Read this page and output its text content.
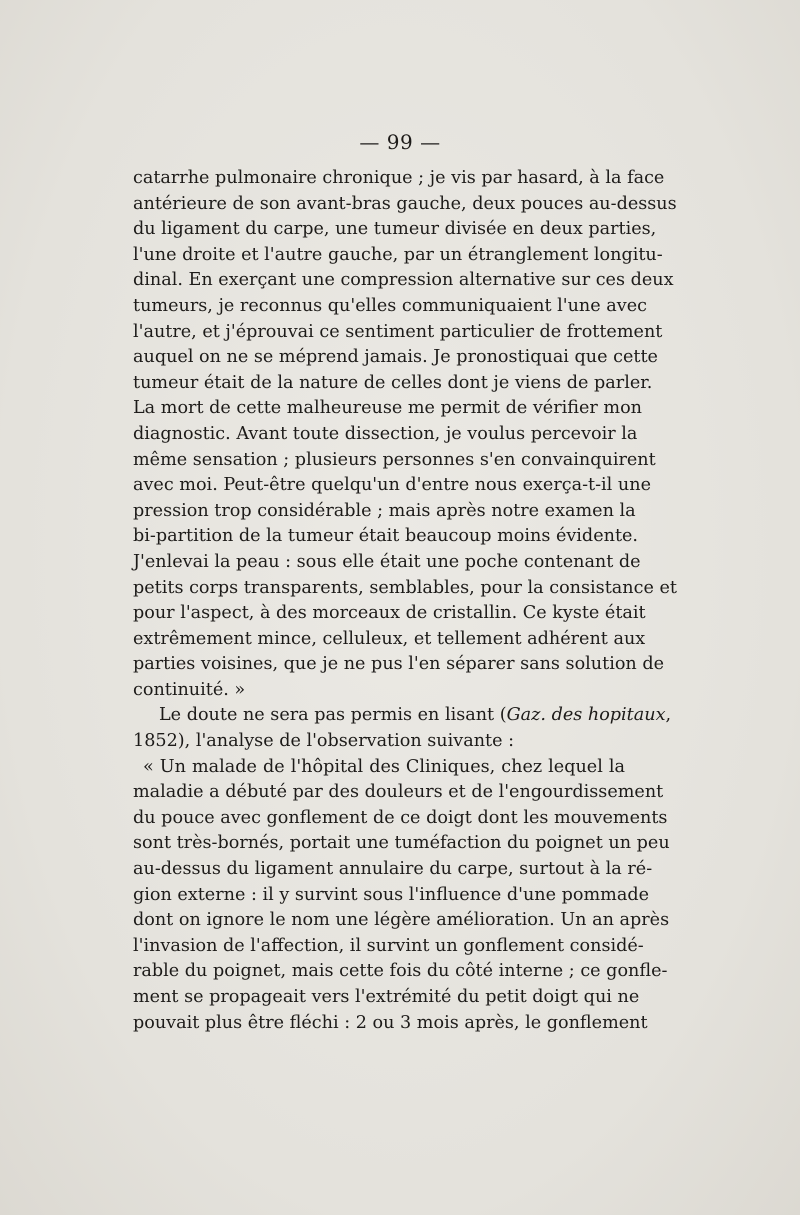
— 99 —
catarrhe pulmonaire chronique ; je vis par hasard, à la face
antérieure de son avant-bras gauche, deux pouces au-dessus
du ligament du carpe, une tumeur divisée en deux parties,
l'une droite et l'autre gauche, par un étranglement longitu-
dinal. En exerçant une compression alternative sur ces deux
tumeurs, je reconnus qu'elles communiquaient l'une avec
l'autre, et j'éprouvai ce sentiment particulier de frottement
auquel on ne se méprend jamais. Je pronostiquai que cette
tumeur était de la nature de celles dont je viens de parler.
La mort de cette malheureuse me permit de vérifier mon
diagnostic. Avant toute dissection, je voulus percevoir la
même sensation ; plusieurs personnes s'en convainquirent
avec moi. Peut-être quelqu'un d'entre nous exerça-t-il une
pression trop considérable ; mais après notre examen la
bi-partition de la tumeur était beaucoup moins évidente.
J'enlevai la peau : sous elle était une poche contenant de
petits corps transparents, semblables, pour la consistance et
pour l'aspect, à des morceaux de cristallin. Ce kyste était
extrêmement mince, celluleux, et tellement adhérent aux
parties voisines, que je ne pus l'en séparer sans solution de
continuité. »
Le doute ne sera pas permis en lisant (Gaz. des hopitaux,
1852), l'analyse de l'observation suivante :
« Un malade de l'hôpital des Cliniques, chez lequel la
maladie a débuté par des douleurs et de l'engourdissement
du pouce avec gonflement de ce doigt dont les mouvements
sont très-bornés, portait une tuméfaction du poignet un peu
au-dessus du ligament annulaire du carpe, surtout à la ré-
gion externe : il y survint sous l'influence d'une pommade
dont on ignore le nom une légère amélioration. Un an après
l'invasion de l'affection, il survint un gonflement considé-
rable du poignet, mais cette fois du côté interne ; ce gonfle-
ment se propageait vers l'extrémité du petit doigt qui ne
pouvait plus être fléchi : 2 ou 3 mois après, le gonflement
